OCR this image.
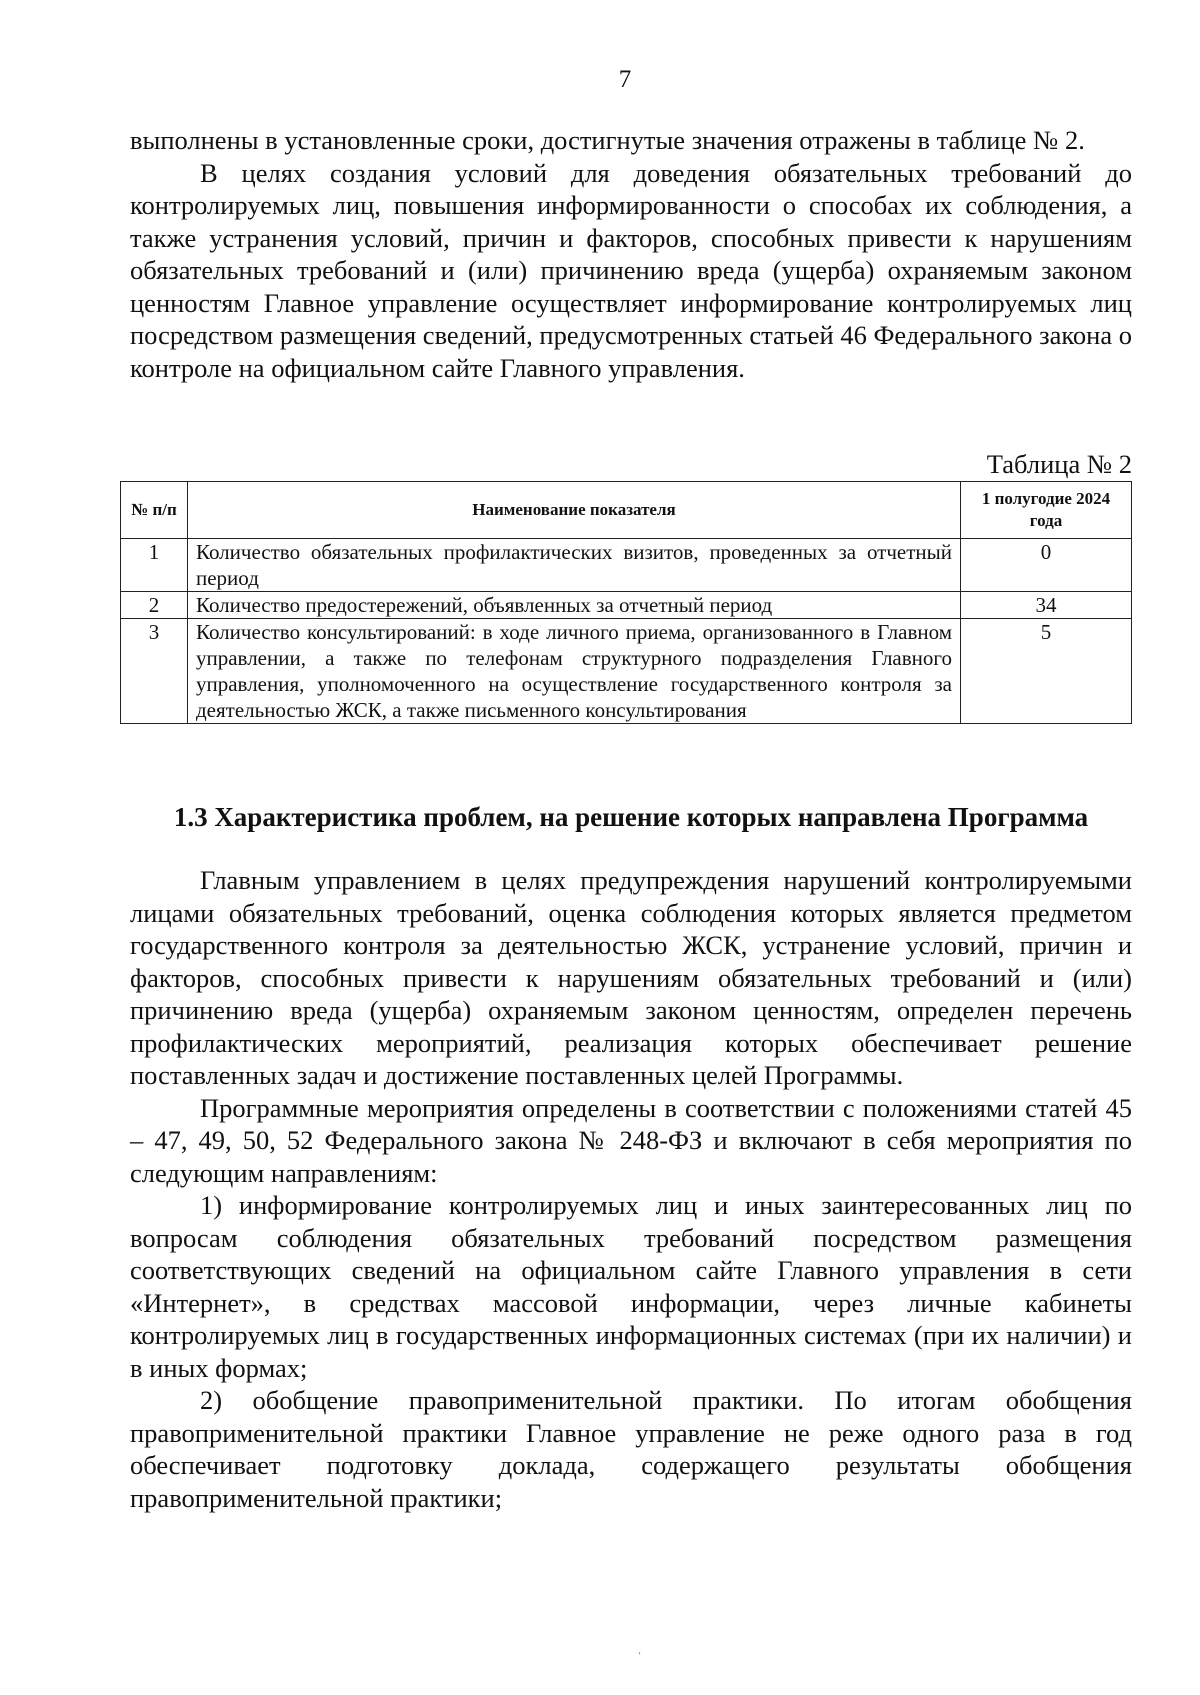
7

выполнены в установленные сроки, достигнутые значения отражены в таблице № 2.

В целях создания условий для доведения обязательных требований до контролируемых лиц, повышения информированности о способах их соблюдения, а также устранения условий, причин и факторов, способных привести к нарушениям обязательных требований и (или) причинению вреда (ущерба) охраняемым законом ценностям Главное управление осуществляет информирование контролируемых лиц посредством размещения сведений, предусмотренных статьей 46 Федерального закона о контроле на официальном сайте Главного управления.

Таблица № 2
№ п/п	Наименование показателя	1 полугодие 2024 года
1	Количество обязательных профилактических визитов, проведенных за отчетный период	0
2	Количество предостережений, объявленных за отчетный период	34
3	Количество консультирований: в ходе личного приема, организованного в Главном управлении, а также по телефонам структурного подразделения Главного управления, уполномоченного на осуществление государственного контроля за деятельностью ЖСК, а также письменного консультирования	5
1.3 Характеристика проблем, на решение которых направлена Программа

Главным управлением в целях предупреждения нарушений контролируемыми лицами обязательных требований, оценка соблюдения которых является предметом государственного контроля за деятельностью ЖСК, устранение условий, причин и факторов, способных привести к нарушениям обязательных требований и (или) причинению вреда (ущерба) охраняемым законом ценностям, определен перечень профилактических мероприятий, реализация которых обеспечивает решение поставленных задач и достижение поставленных целей Программы.

Программные мероприятия определены в соответствии с положениями статей 45 – 47, 49, 50, 52 Федерального закона № 248-ФЗ и включают в себя мероприятия по следующим направлениям:

1) информирование контролируемых лиц и иных заинтересованных лиц по вопросам соблюдения обязательных требований посредством размещения соответствующих сведений на официальном сайте Главного управления в сети «Интернет», в средствах массовой информации, через личные кабинеты контролируемых лиц в государственных информационных системах (при их наличии) и в иных формах;

2) обобщение правоприменительной практики. По итогам обобщения правоприменительной практики Главное управление не реже одного раза в год обеспечивает подготовку доклада, содержащего результаты обобщения правоприменительной практики;

ˈ
